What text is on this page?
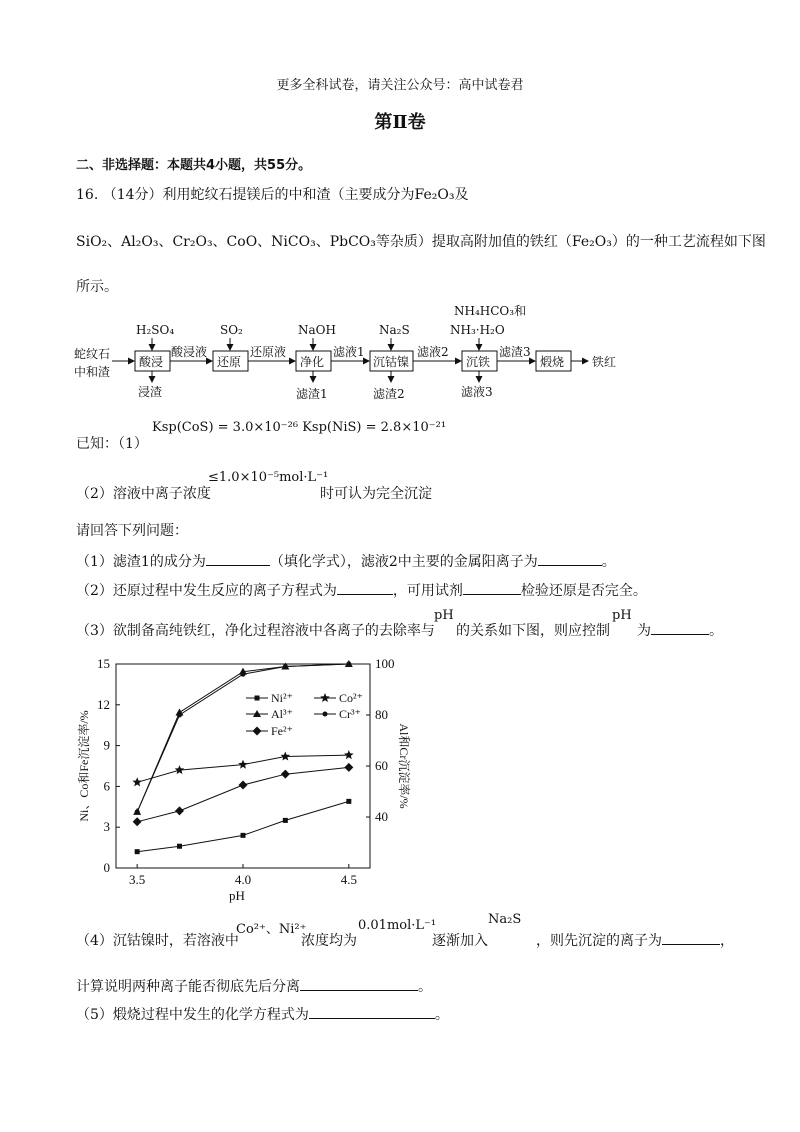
更多全科试卷，请关注公众号：高中试卷君
第Ⅱ卷
二、非选择题：本题共4小题，共55分。
16. （14分）利用蛇纹石提镁后的中和渣（主要成分为Fe₂O₃及
SiO₂、Al₂O₃、Cr₂O₃、CoO、NiCO₃、PbCO₃等杂质）提取高附加值的铁红（Fe₂O₃）的一种工艺流程如下图
所示。
蛇纹石
中和渣
酸浸	还原	净化	沉钴镍	沉铁	煅烧
酸浸液	还原液	滤液1	滤液2	滤渣3
铁红
H₂SO₄	SO₂	NaOH	Na₂S
NH₄HCO₃和
NH₃·H₂O
浸渣	滤渣1	滤渣2	滤液3
已知：（1）
Ksp(CoS) = 3.0×10⁻²⁶ Ksp(NiS) = 2.8×10⁻²¹
（2）溶液中离子浓度
≤1.0×10⁻⁵mol·L⁻¹
时可认为完全沉淀
请回答下列问题：
（1）滤渣1的成分为	（填化学式），滤液2中主要的金属阳离子为	。
（2）还原过程中发生反应的离子方程式为	，可用试剂	检验还原是否完全。
（3）欲制备高纯铁红，净化过程溶液中各离子的去除率与
pH
的关系如下图，则应控制
pH
为	。
0
3
6
9
12
15
40
60
80
100
3.5	4.0	4.5
pH
Ni、Co和Fe沉淀率/%	Al和Cr沉淀率/%
Ni²⁺	Co²⁺
Al³⁺	Cr³⁺
Fe²⁺
（4）沉钴镍时，若溶液中
Co²⁺、Ni²⁺
浓度均为
0.01mol·L⁻¹
逐渐加入
Na₂S
，则先沉淀的离子为	，
计算说明两种离子能否彻底先后分离	。
（5）煅烧过程中发生的化学方程式为	。
